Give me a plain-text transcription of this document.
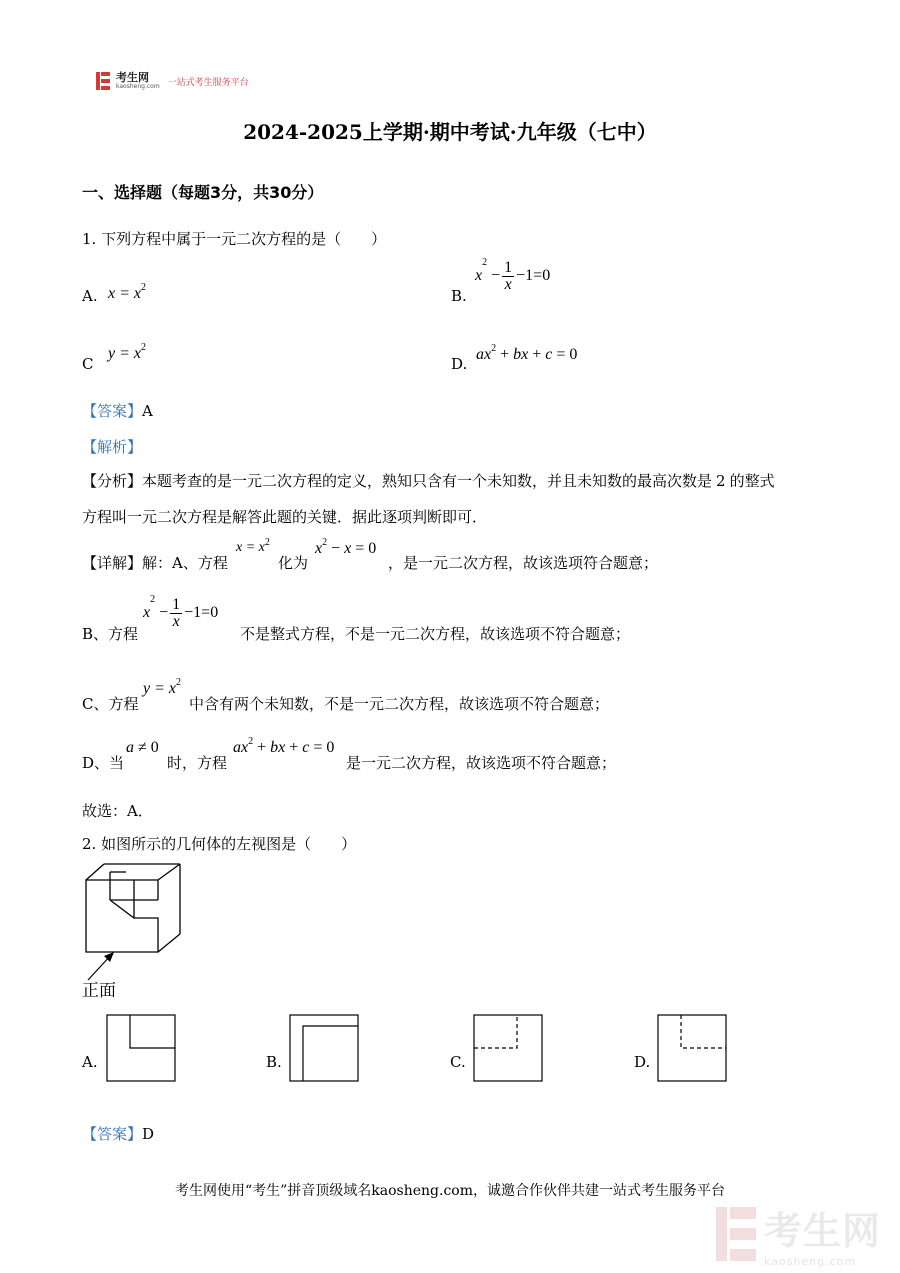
考生网
kaosheng.com 一站式考生服务平台
2024-2025上学期·期中考试·九年级（七中）
一、选择题（每题3分，共30分）
1. 下列方程中属于一元二次方程的是（　　）
A. $x = x^2$	B.
$x^2 - \frac{1}{x} -1=0$
C
$y = x^2$
D.
$ax^2$ + bx + c = 0
【答案】A
【解析】
【分析】本题考查的是一元二次方程的定义，熟知只含有一个未知数，并且未知数的最高次数是 2 的整式
方程叫一元二次方程是解答此题的关键．据此逐项判断即可．
【详解】解：A、方程
$x = x^2$
化为
$x^2 - x = 0$
，是一元二次方程，故该选项符合题意；
B、方程
$x^2 - \frac{1}{x} -1=0$
不是整式方程，不是一元二次方程，故该选项不符合题意；
C、方程
$y = x^2$
中含有两个未知数，不是一元二次方程，故该选项不符合题意；
D、当
a ≠ 0
时，方程
$ax^2$ + bx + c = 0
是一元二次方程，故该选项不符合题意；
故选：A．
2. 如图所示的几何体的左视图是（　　）
正面
A.	B.	C.	D.
【答案】D
考生网使用“考生”拼音顶级域名kaosheng.com，诚邀合作伙伴共建一站式考生服务平台
考生网
kaosheng.com
